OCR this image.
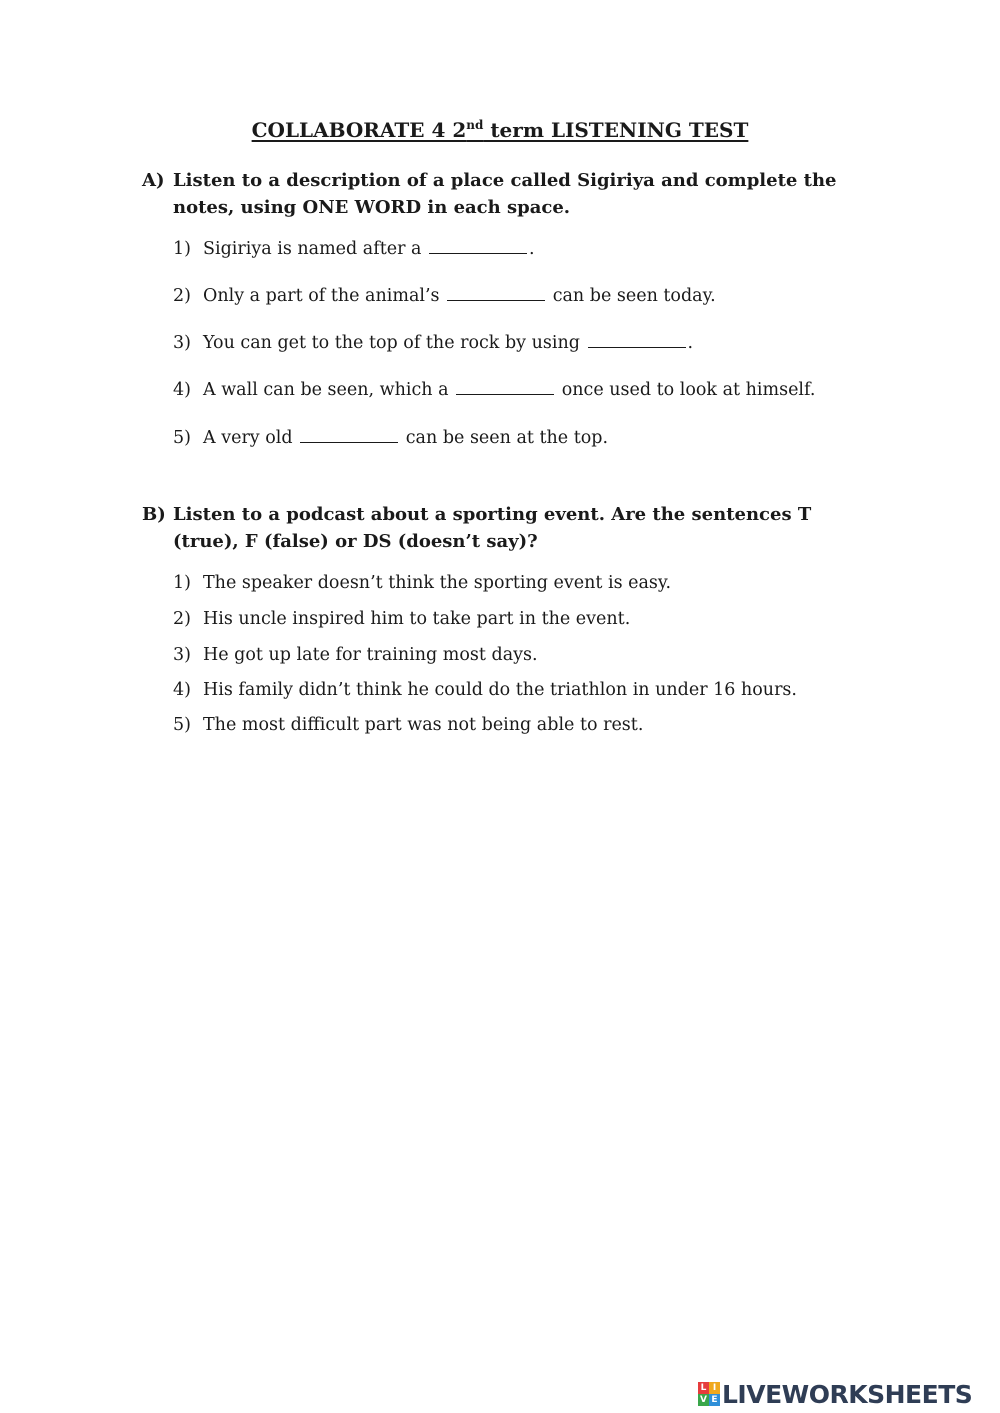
COLLABORATE 4 2nd term LISTENING TEST
A) Listen to a description of a place called Sigiriya and complete the notes, using ONE WORD in each space.
1) Sigiriya is named after a	.
2) Only a part of the animal’s	can be seen today.
3) You can get to the top of the rock by using	.
4) A wall can be seen, which a	once used to look at himself.
5) A very old	can be seen at the top.
B) Listen to a podcast about a sporting event. Are the sentences T (true), F (false) or DS (doesn’t say)?
1) The speaker doesn’t think the sporting event is easy.
2) His uncle inspired him to take part in the event.
3) He got up late for training most days.
4) His family didn’t think he could do the triathlon in under 16 hours.
5) The most difficult part was not being able to rest.
L I
V E LIVEWORKSHEETS
